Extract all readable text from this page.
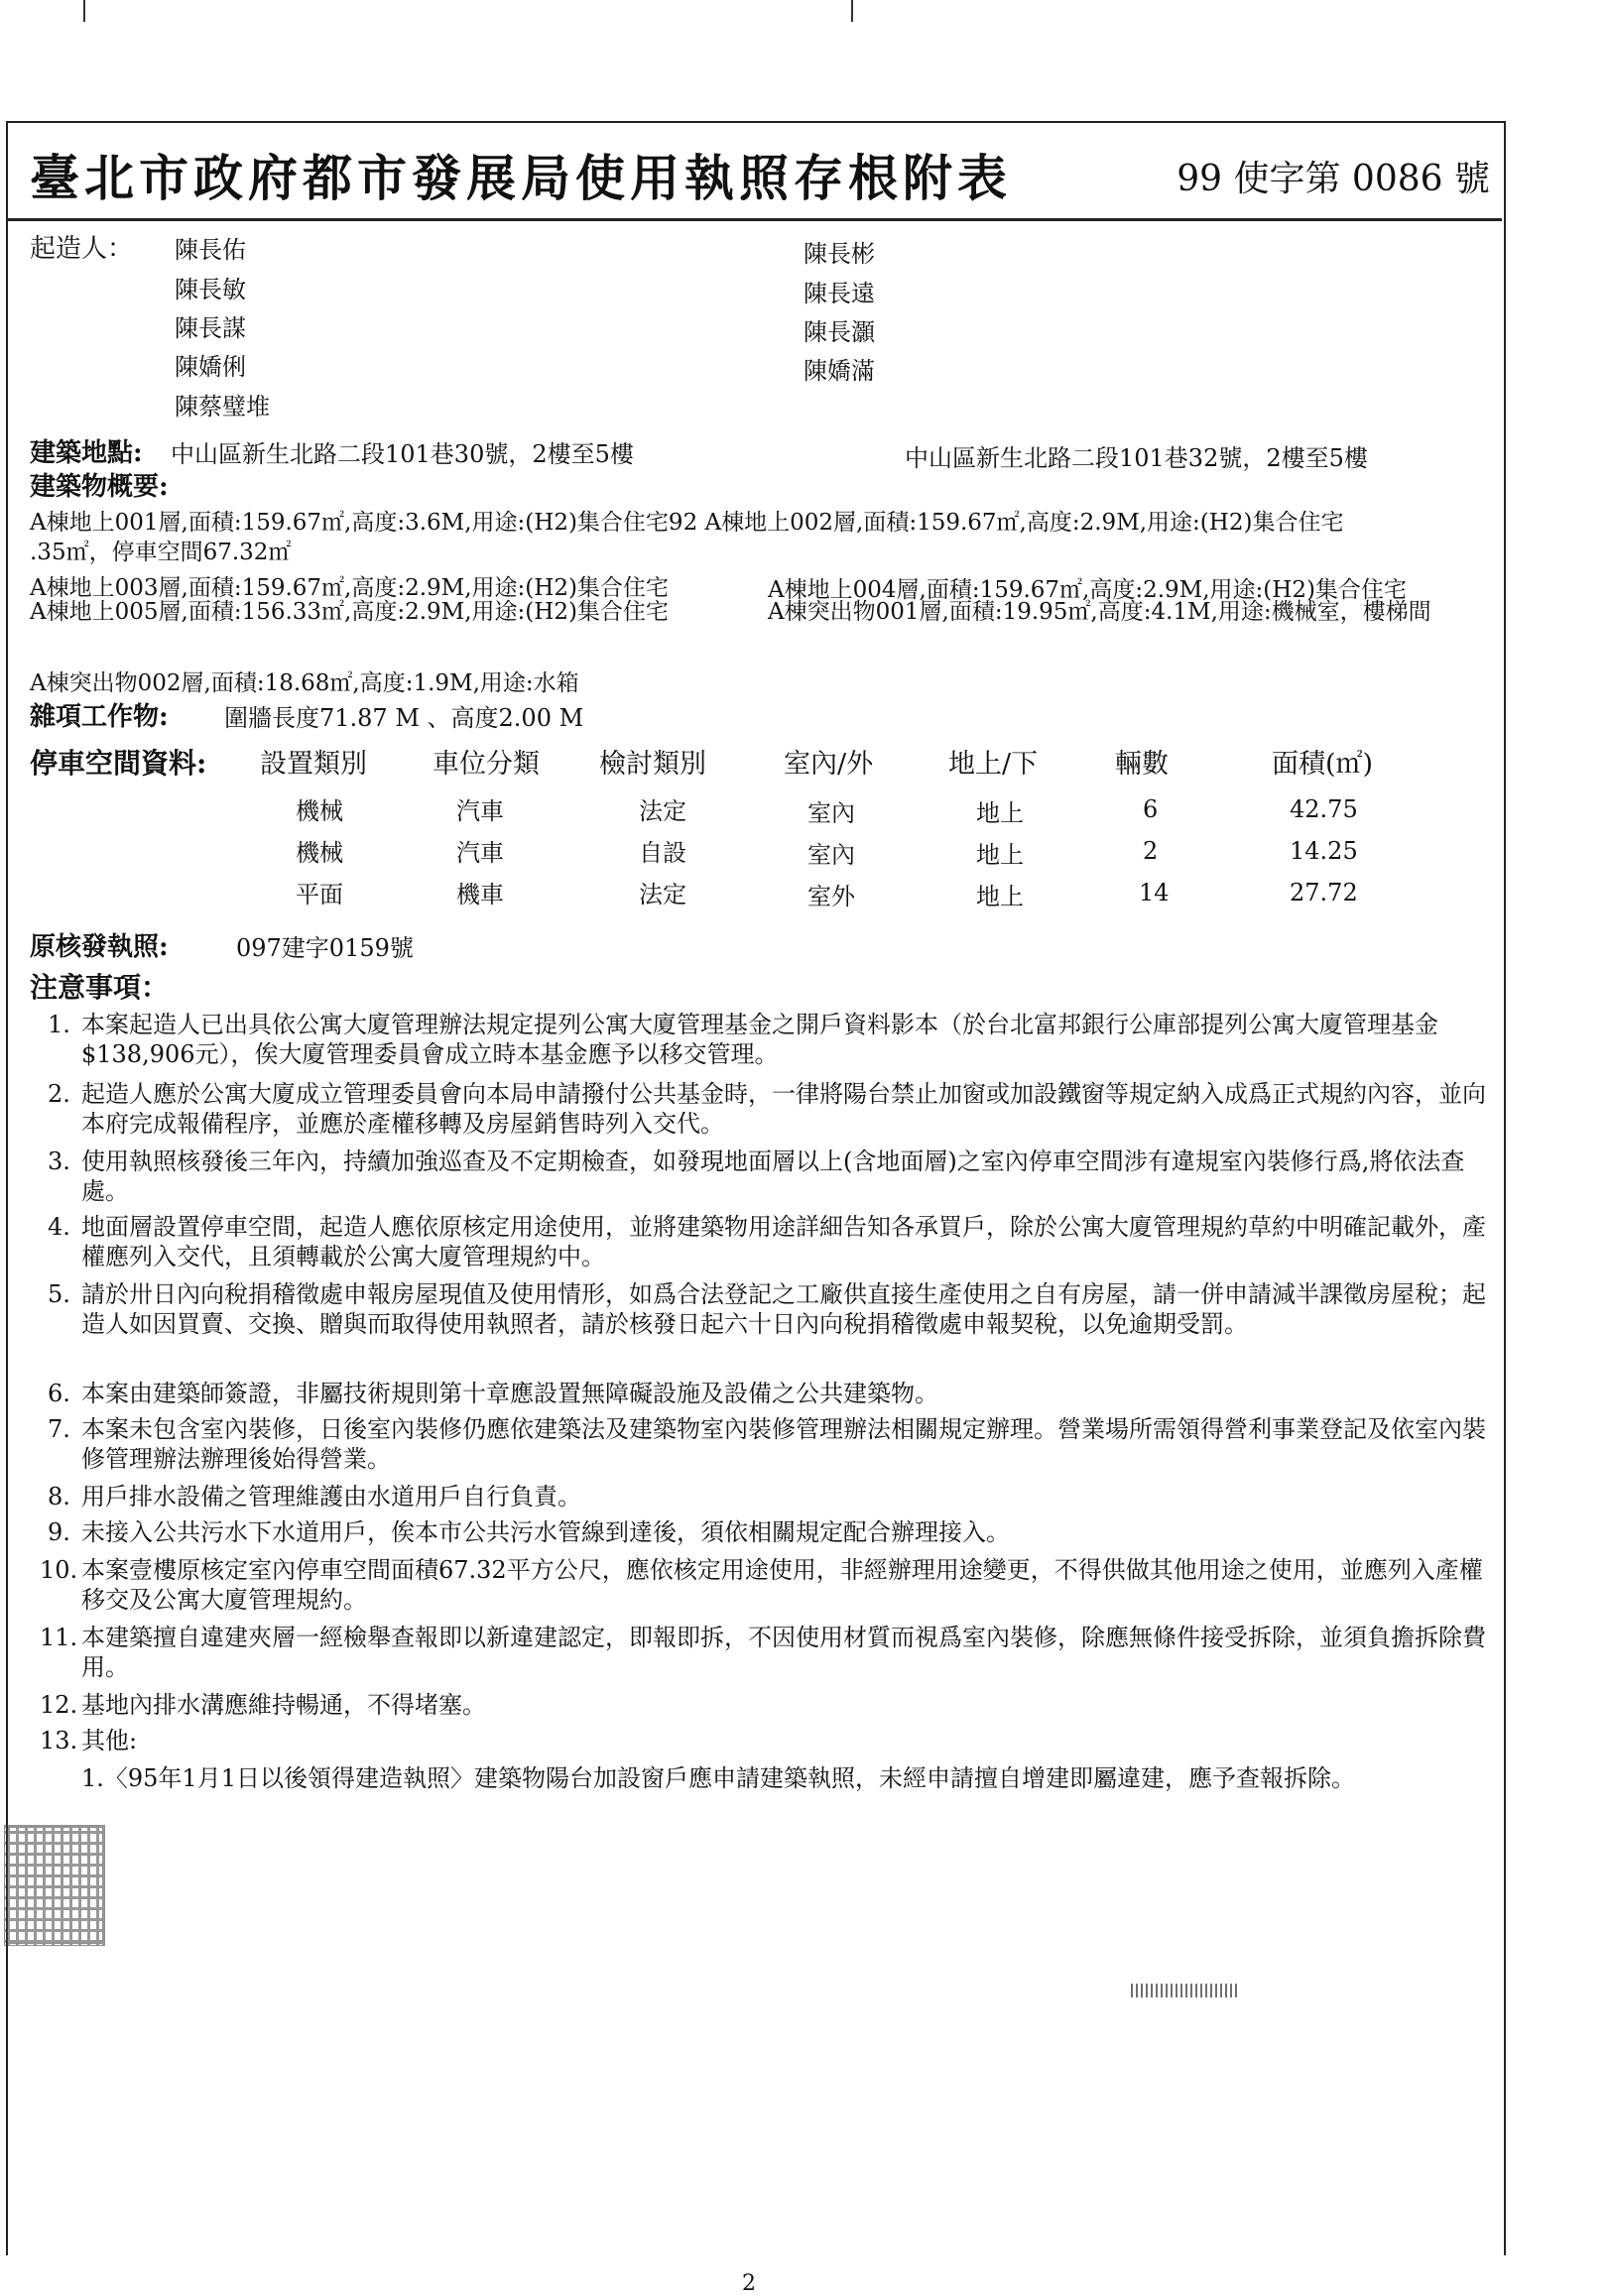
臺北市政府都市發展局使用執照存根附表	99 使字第 0086 號
起造人： 陳長佑
陳長敏
陳長謀
陳嬌俐
陳蔡璧堆
陳長彬
陳長遠
陳長灝
陳嬌滿
建築地點: 中山區新生北路二段101巷30號，2樓至5樓	中山區新生北路二段101巷32號，2樓至5樓
建築物概要:
A棟地上001層,面積:159.67㎡,高度:3.6M,用途:(H2)集合住宅92 A棟地上002層,面積:159.67㎡,高度:2.9M,用途:(H2)集合住宅
.35㎡，停車空間67.32㎡
A棟地上003層,面積:159.67㎡,高度:2.9M,用途:(H2)集合住宅
A棟地上005層,面積:156.33㎡,高度:2.9M,用途:(H2)集合住宅
A棟地上004層,面積:159.67㎡,高度:2.9M,用途:(H2)集合住宅
A棟突出物001層,面積:19.95㎡,高度:4.1M,用途:機械室，樓梯間
A棟突出物002層,面積:18.68㎡,高度:1.9M,用途:水箱
雜項工作物: 圍牆長度71.87 M 、高度2.00 M
停車空間資料: 設置類別 車位分類 檢討類別	室內/外	地上/下	輛數	面積(㎡)
機械	汽車	法定	室內	地上	6	42.75
機械	汽車	自設	室內	地上	2	14.25
平面	機車	法定	室外	地上	14	27.72
原核發執照:	097建字0159號
注意事項：
1. 本案起造人已出具依公寓大廈管理辦法規定提列公寓大廈管理基金之開戶資料影本（於台北富邦銀行公庫部提列公寓大廈管理基金$138,906元），俟大廈管理委員會成立時本基金應予以移交管理。
2. 起造人應於公寓大廈成立管理委員會向本局申請撥付公共基金時，一律將陽台禁止加窗或加設鐵窗等規定納入成爲正式規約內容，並向本府完成報備程序，並應於產權移轉及房屋銷售時列入交代。
3. 使用執照核發後三年內，持續加強巡查及不定期檢查，如發現地面層以上(含地面層)之室內停車空間涉有違規室內裝修行爲,將依法查處。
4. 地面層設置停車空間，起造人應依原核定用途使用，並將建築物用途詳細告知各承買戶，除於公寓大廈管理規約草約中明確記載外，產權應列入交代，且須轉載於公寓大廈管理規約中。
5. 請於卅日內向稅捐稽徵處申報房屋現值及使用情形，如爲合法登記之工廠供直接生產使用之自有房屋，請一併申請減半課徵房屋稅；起造人如因買賣、交換、贈與而取得使用執照者，請於核發日起六十日內向稅捐稽徵處申報契稅，以免逾期受罰。
6. 本案由建築師簽證，非屬技術規則第十章應設置無障礙設施及設備之公共建築物。
7. 本案未包含室內裝修，日後室內裝修仍應依建築法及建築物室內裝修管理辦法相關規定辦理。營業場所需領得營利事業登記及依室內裝修管理辦法辦理後始得營業。
8. 用戶排水設備之管理維護由水道用戶自行負責。
9. 未接入公共污水下水道用戶，俟本市公共污水管線到達後，須依相關規定配合辦理接入。
10. 本案壹樓原核定室內停車空間面積67.32平方公尺，應依核定用途使用，非經辦理用途變更，不得供做其他用途之使用，並應列入產權移交及公寓大廈管理規約。
11. 本建築擅自違建夾層一經檢舉查報即以新違建認定，即報即拆，不因使用材質而視爲室內裝修，除應無條件接受拆除，並須負擔拆除費用。
12. 基地內排水溝應維持暢通，不得堵塞。
13. 其他:
1.〈95年1月1日以後領得建造執照〉建築物陽台加設窗戶應申請建築執照，未經申請擅自增建即屬違建，應予查報拆除。
2
